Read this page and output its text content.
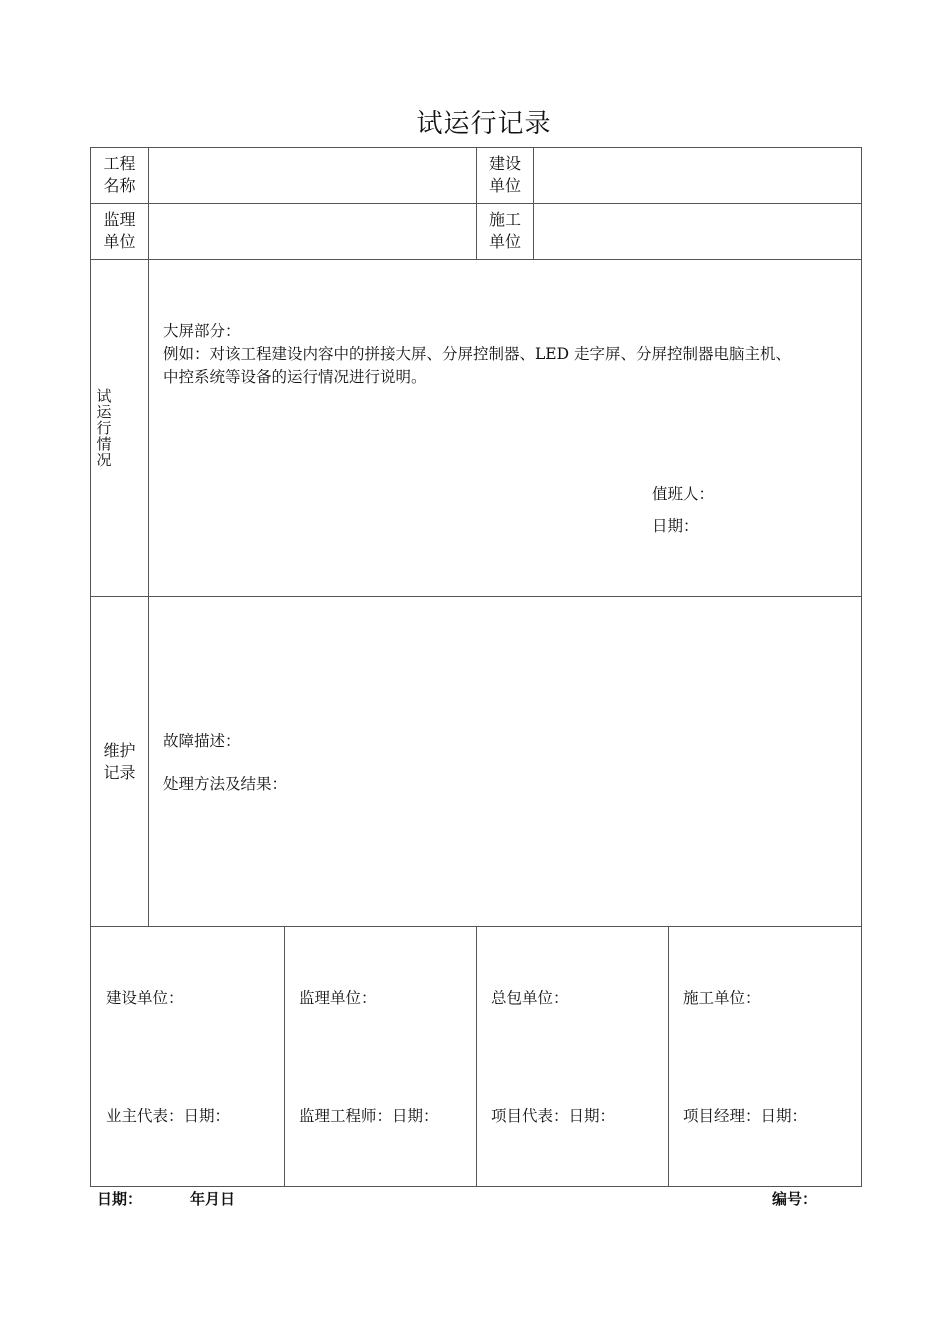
试运行记录
工程
名称
建设
单位
监理
单位
施工
单位
试运行情况
大屏部分：
例如：对该工程建设内容中的拼接大屏、分屏控制器、LED 走字屏、分屏控制器电脑主机、
中控系统等设备的运行情况进行说明。
值班人：
日期：
维护
记录
故障描述：
处理方法及结果：
建设单位：
业主代表：日期：
监理单位：
监理工程师：日期：
总包单位：
项目代表：日期：
施工单位：
项目经理：日期：
日期：	年月日	编号：
